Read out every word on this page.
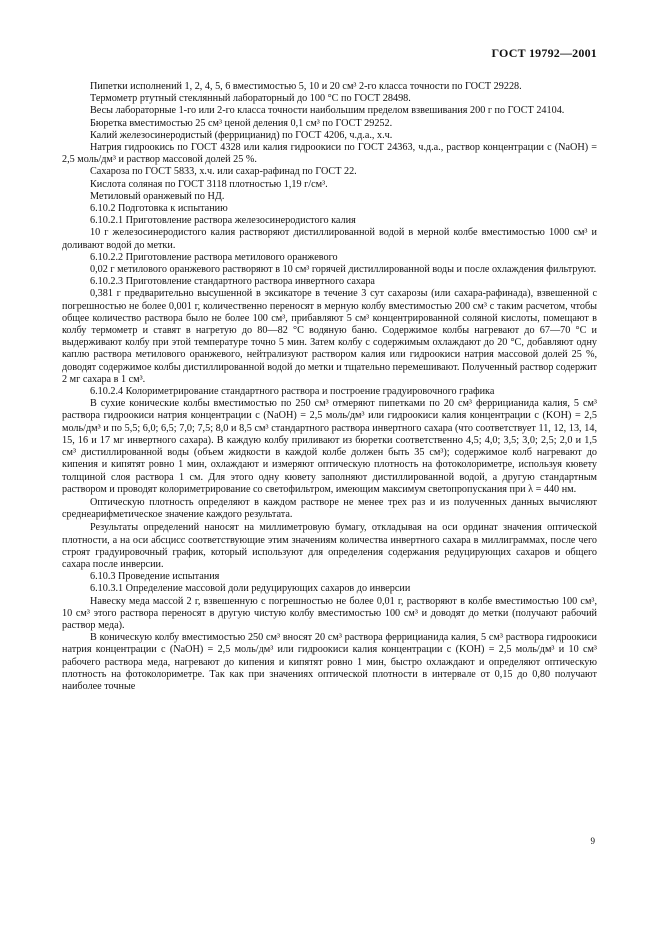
ГОСТ 19792—2001

Пипетки исполнений 1, 2, 4, 5, 6 вместимостью 5, 10 и 20 см³ 2-го класса точности по ГОСТ 29228.

Термометр ртутный стеклянный лабораторный до 100 °С по ГОСТ 28498.

Весы лабораторные 1-го или 2-го класса точности наибольшим пределом взвешивания 200 г по ГОСТ 24104.

Бюретка вместимостью 25 см³ ценой деления 0,1 см³ по ГОСТ 29252.

Калий железосинеродистый (феррицианид) по ГОСТ 4206, ч.д.а., х.ч.

Натрия гидроокись по ГОСТ 4328 или калия гидроокиси по ГОСТ 24363, ч.д.а., раствор концентрации с (NaOH) = 2,5 моль/дм³ и раствор массовой долей 25 %.

Сахароза по ГОСТ 5833, х.ч. или сахар-рафинад по ГОСТ 22.

Кислота соляная по ГОСТ 3118 плотностью 1,19 г/см³.

Метиловый оранжевый по НД.

6.10.2 Подготовка к испытанию

6.10.2.1 Приготовление раствора железосинеродистого калия

10 г железосинеродистого калия растворяют дистиллированной водой в мерной колбе вместимостью 1000 см³ и доливают водой до метки.

6.10.2.2 Приготовление раствора метилового оранжевого

0,02 г метилового оранжевого растворяют в 10 см³ горячей дистиллированной воды и после охлаждения фильтруют.

6.10.2.3 Приготовление стандартного раствора инвертного сахара

0,381 г предварительно высушенной в эксикаторе в течение 3 сут сахарозы (или сахара-рафинада), взвешенной с погрешностью не более 0,001 г, количественно переносят в мерную колбу вместимостью 200 см³ с таким расчетом, чтобы общее количество раствора было не более 100 см³, прибавляют 5 см³ концентрированной соляной кислоты, помещают в колбу термометр и ставят в нагретую до 80—82 °С водяную баню. Содержимое колбы нагревают до 67—70 °С и выдерживают колбу при этой температуре точно 5 мин. Затем колбу с содержимым охлаждают до 20 °С, добавляют одну каплю раствора метилового оранжевого, нейтрализуют раствором калия или гидроокиси натрия массовой долей 25 %, доводят содержимое колбы дистиллированной водой до метки и тщательно перемешивают. Полученный раствор содержит 2 мг сахара в 1 см³.

6.10.2.4 Колориметрирование стандартного раствора и построение градуировочного графика

В сухие конические колбы вместимостью по 250 см³ отмеряют пипетками по 20 см³ феррицианида калия, 5 см³ раствора гидроокиси натрия концентрации с (NaOH) = 2,5 моль/дм³ или гидроокиси калия концентрации с (KOH) = 2,5 моль/дм³ и по 5,5; 6,0; 6,5; 7,0; 7,5; 8,0 и 8,5 см³ стандартного раствора инвертного сахара (что соответствует 11, 12, 13, 14, 15, 16 и 17 мг инвертного сахара). В каждую колбу приливают из бюретки соответственно 4,5; 4,0; 3,5; 3,0; 2,5; 2,0 и 1,5 см³ дистиллированной воды (объем жидкости в каждой колбе должен быть 35 см³); содержимое колб нагревают до кипения и кипятят ровно 1 мин, охлаждают и измеряют оптическую плотность на фотоколориметре, используя кювету толщиной слоя раствора 1 см. Для этого одну кювету заполняют дистиллированной водой, а другую стандартным раствором и проводят колориметрирование со светофильтром, имеющим максимум светопропускания при λ = 440 нм.

Оптическую плотность определяют в каждом растворе не менее трех раз и из полученных данных вычисляют среднеарифметическое значение каждого результата.

Результаты определений наносят на миллиметровую бумагу, откладывая на оси ординат значения оптической плотности, а на оси абсцисс соответствующие этим значениям количества инвертного сахара в миллиграммах, после чего строят градуировочный график, который используют для определения содержания редуцирующих сахаров и общего сахара после инверсии.

6.10.3 Проведение испытания

6.10.3.1 Определение массовой доли редуцирующих сахаров до инверсии

Навеску меда массой 2 г, взвешенную с погрешностью не более 0,01 г, растворяют в колбе вместимостью 100 см³, 10 см³ этого раствора переносят в другую чистую колбу вместимостью 100 см³ и доводят до метки (получают рабочий раствор меда).

В коническую колбу вместимостью 250 см³ вносят 20 см³ раствора феррицианида калия, 5 см³ раствора гидроокиси натрия концентрации с (NaOH) = 2,5 моль/дм³ или гидроокиси калия концентрации с (KOH) = 2,5 моль/дм³ и 10 см³ рабочего раствора меда, нагревают до кипения и кипятят ровно 1 мин, быстро охлаждают и определяют оптическую плотность на фотоколориметре. Так как при значениях оптической плотности в интервале от 0,15 до 0,80 получают наиболее точные

9
